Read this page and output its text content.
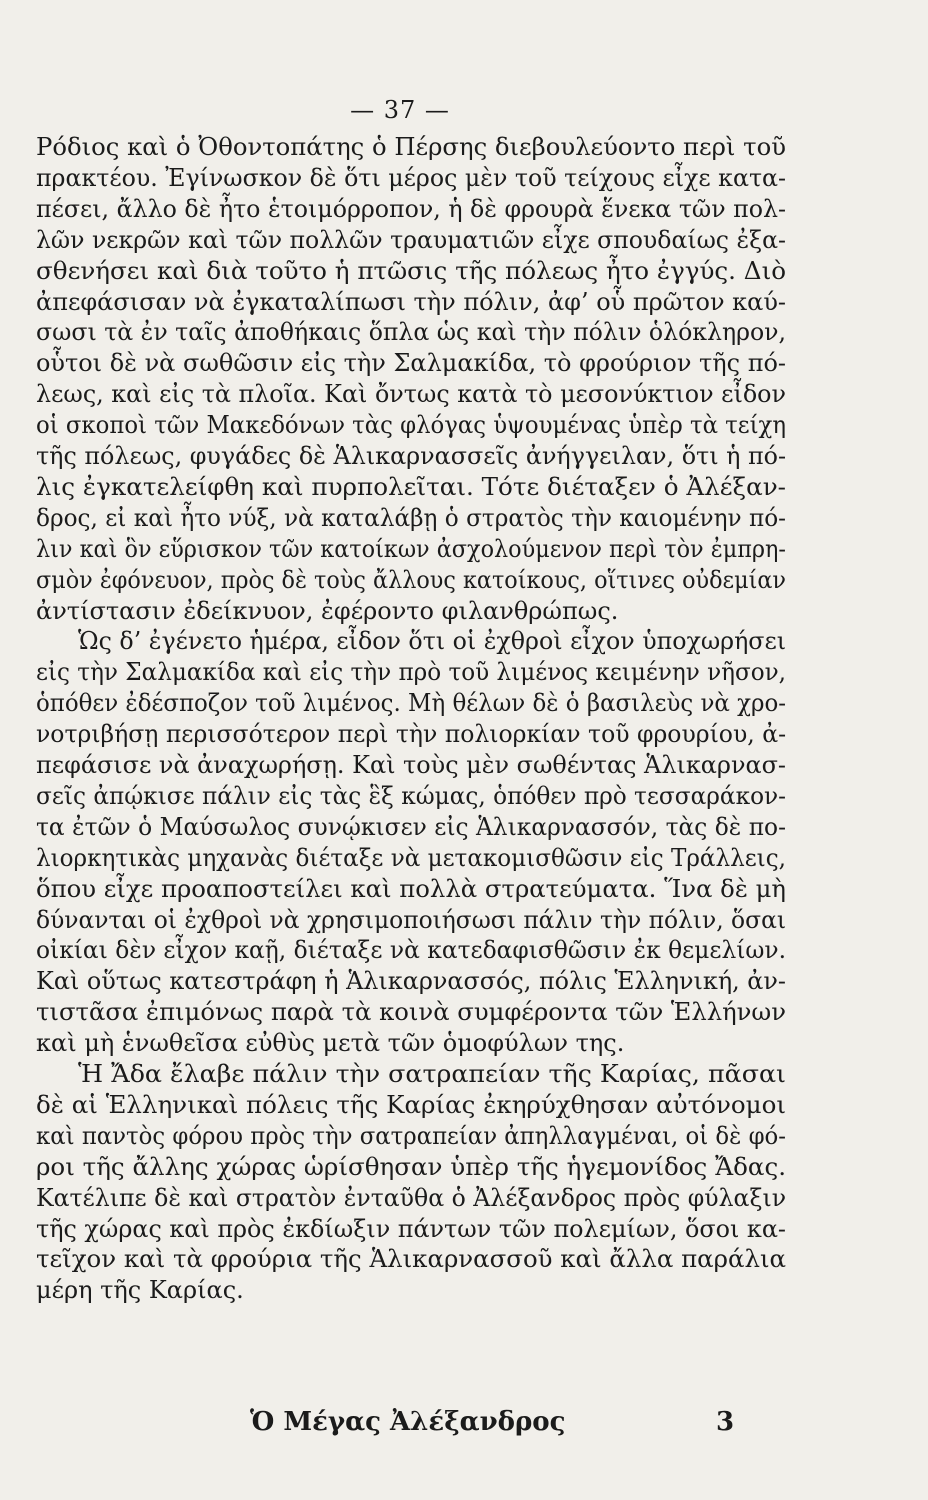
— 37 —
Ρόδιος καὶ ὁ Ὀθοντοπάτης ὁ Πέρσης διεβουλεύοντο περὶ τοῦ
πρακτέου. Ἐγίνωσκον δὲ ὅτι μέρος μὲν τοῦ τείχους εἶχε κατα-
πέσει, ἄλλο δὲ ἦτο ἑτοιμόρροπον, ἡ δὲ φρουρὰ ἕνεκα τῶν πολ-
λῶν νεκρῶν καὶ τῶν πολλῶν τραυματιῶν εἶχε σπουδαίως ἐξα-
σθενήσει καὶ διὰ τοῦτο ἡ πτῶσις τῆς πόλεως ἦτο ἐγγύς. Διὸ
ἀπεφάσισαν νὰ ἐγκαταλίπωσι τὴν πόλιν, ἀφ’ οὗ πρῶτον καύ-
σωσι τὰ ἐν ταῖς ἀποθήκαις ὅπλα ὡς καὶ τὴν πόλιν ὁλόκληρον,
οὗτοι δὲ νὰ σωθῶσιν εἰς τὴν Σαλμακίδα, τὸ φρούριον τῆς πό-
λεως, καὶ εἰς τὰ πλοῖα. Καὶ ὄντως κατὰ τὸ μεσονύκτιον εἶδον
οἱ σκοποὶ τῶν Μακεδόνων τὰς φλόγας ὑψουμένας ὑπὲρ τὰ τείχη
τῆς πόλεως, φυγάδες δὲ Ἁλικαρνασσεῖς ἀνήγγειλαν, ὅτι ἡ πό-
λις ἐγκατελείφθη καὶ πυρπολεῖται. Τότε διέταξεν ὁ Ἀλέξαν-
δρος, εἰ καὶ ἦτο νύξ, νὰ καταλάβῃ ὁ στρατὸς τὴν καιομένην πό-
λιν καὶ ὃν εὕρισκον τῶν κατοίκων ἀσχολούμενον περὶ τὸν ἐμπρη-
σμὸν ἐφόνευον, πρὸς δὲ τοὺς ἄλλους κατοίκους, οἵτινες οὐδεμίαν
ἀντίστασιν ἐδείκνυον, ἐφέροντο φιλανθρώπως.
Ὡς δ’ ἐγένετο ἡμέρα, εἶδον ὅτι οἱ ἐχθροὶ εἶχον ὑποχωρήσει
εἰς τὴν Σαλμακίδα καὶ εἰς τὴν πρὸ τοῦ λιμένος κειμένην νῆσον,
ὁπόθεν ἐδέσποζον τοῦ λιμένος. Μὴ θέλων δὲ ὁ βασιλεὺς νὰ χρο-
νοτριβήσῃ περισσότερον περὶ τὴν πολιορκίαν τοῦ φρουρίου, ἀ-
πεφάσισε νὰ ἀναχωρήσῃ. Καὶ τοὺς μὲν σωθέντας Ἁλικαρνασ-
σεῖς ἀπῴκισε πάλιν εἰς τὰς ἓξ κώμας, ὁπόθεν πρὸ τεσσαράκον-
τα ἐτῶν ὁ Μαύσωλος συνῴκισεν εἰς Ἁλικαρνασσόν, τὰς δὲ πο-
λιορκητικὰς μηχανὰς διέταξε νὰ μετακομισθῶσιν εἰς Τράλλεις,
ὅπου εἶχε προαποστείλει καὶ πολλὰ στρατεύματα. Ἵνα δὲ μὴ
δύνανται οἱ ἐχθροὶ νὰ χρησιμοποιήσωσι πάλιν τὴν πόλιν, ὅσαι
οἰκίαι δὲν εἶχον καῇ, διέταξε νὰ κατεδαφισθῶσιν ἐκ θεμελίων.
Καὶ οὕτως κατεστράφη ἡ Ἁλικαρνασσός, πόλις Ἑλληνική, ἀν-
τιστᾶσα ἐπιμόνως παρὰ τὰ κοινὰ συμφέροντα τῶν Ἑλλήνων
καὶ μὴ ἑνωθεῖσα εὐθὺς μετὰ τῶν ὁμοφύλων της.
Ἡ Ἄδα ἔλαβε πάλιν τὴν σατραπείαν τῆς Καρίας, πᾶσαι
δὲ αἱ Ἑλληνικαὶ πόλεις τῆς Καρίας ἐκηρύχθησαν αὐτόνομοι
καὶ παντὸς φόρου πρὸς τὴν σατραπείαν ἀπηλλαγμέναι, οἱ δὲ φό-
ροι τῆς ἄλλης χώρας ὡρίσθησαν ὑπὲρ τῆς ἡγεμονίδος Ἄδας.
Κατέλιπε δὲ καὶ στρατὸν ἐνταῦθα ὁ Ἀλέξανδρος πρὸς φύλαξιν
τῆς χώρας καὶ πρὸς ἐκδίωξιν πάντων τῶν πολεμίων, ὅσοι κα-
τεῖχον καὶ τὰ φρούρια τῆς Ἁλικαρνασσοῦ καὶ ἄλλα παράλια
μέρη τῆς Καρίας.
Ὁ Μέγας Ἀλέξανδρος	3
